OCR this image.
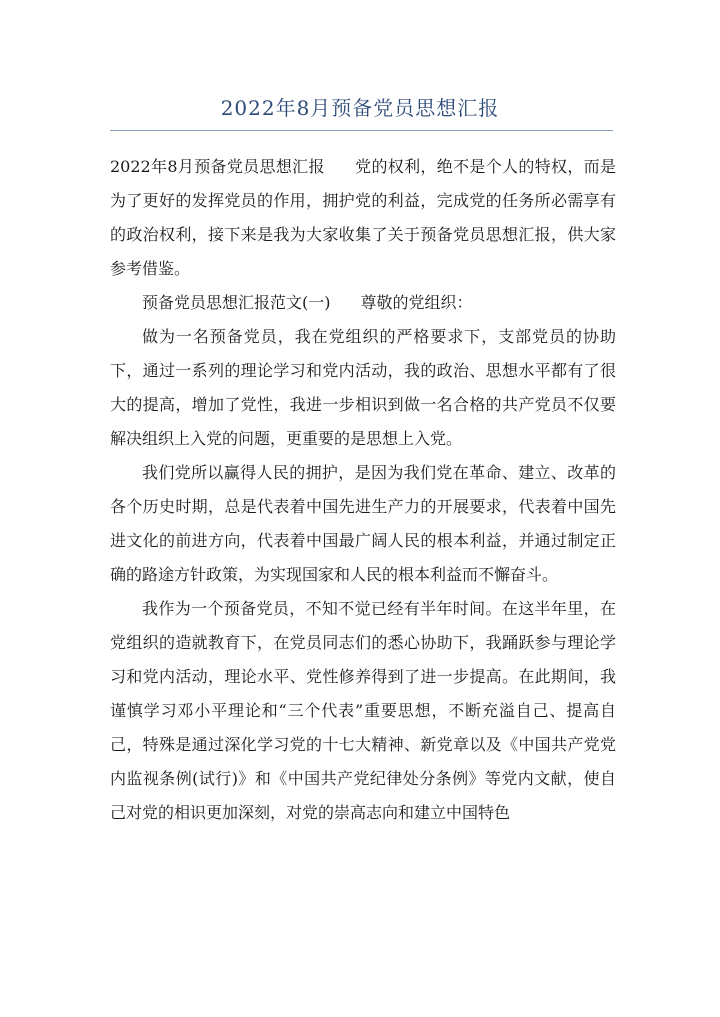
2022年8月预备党员思想汇报

2022年8月预备党员思想汇报 党的权利，绝不是个人的特权，而是为了更好的发挥党员的作用，拥护党的利益，完成党的任务所必需享有的政治权利，接下来是我为大家收集了关于预备党员思想汇报，供大家参考借鉴。

预备党员思想汇报范文(一) 尊敬的党组织：

做为一名预备党员，我在党组织的严格要求下，支部党员的协助下，通过一系列的理论学习和党内活动，我的政治、思想水平都有了很大的提高，增加了党性，我进一步相识到做一名合格的共产党员不仅要解决组织上入党的问题，更重要的是思想上入党。

我们党所以赢得人民的拥护，是因为我们党在革命、建立、改革的各个历史时期，总是代表着中国先进生产力的开展要求，代表着中国先进文化的前进方向，代表着中国最广阔人民的根本利益，并通过制定正确的路途方针政策，为实现国家和人民的根本利益而不懈奋斗。

我作为一个预备党员，不知不觉已经有半年时间。在这半年里，在党组织的造就教育下，在党员同志们的悉心协助下，我踊跃参与理论学习和党内活动，理论水平、党性修养得到了进一步提高。在此期间，我谨慎学习邓小平理论和“三个代表”重要思想，不断充溢自己、提高自己，特殊是通过深化学习党的十七大精神、新党章以及《中国共产党党内监视条例(试行)》和《中国共产党纪律处分条例》等党内文献，使自己对党的相识更加深刻，对党的崇高志向和建立中国特色
